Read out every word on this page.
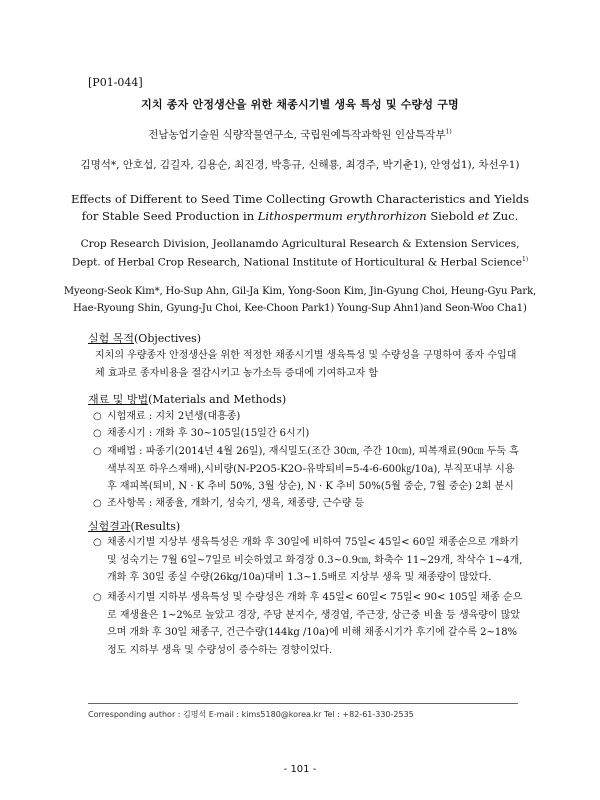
[P01-044]
지치 종자 안정생산을 위한 채종시기별 생육 특성 및 수량성 구명
전남농업기술원 식량작물연구소, 국립원예특작과학원 인삼특작부$^{1)}$
김명석*, 안호섭, 김길자, 김용순, 최진경, 박흥규, 신해룡, 최경주, 박기춘1), 안영섭1), 차선우1)
Effects of Different to Seed Time Collecting Growth Characteristics and Yields
for Stable Seed Production in Lithospermum erythrorhizon Siebold et Zuc.
Crop Research Division, Jeollanamdo Agricultural Research & Extension Services,
Dept. of Herbal Crop Research, National Institute of Horticultural & Herbal Science$^{1)}$
Myeong-Seok Kim*, Ho-Sup Ahn, Gil-Ja Kim, Yong-Soon Kim, Jin-Gyung Choi, Heung-Gyu Park,
Hae-Ryoung Shin, Gyung-Ju Choi, Kee-Choon Park1) Young-Sup Ahn1)and Seon-Woo Cha1)
실험 목적(Objectives)
지치의 우량종자 안정생산을 위한 적정한 채종시기별 생육특성 및 수량성을 구명하여 종자 수입대체 효과로 종자비용을 절감시키고 농가소득 증대에 기여하고자 함
재료 및 방법(Materials and Methods)
○ 시험재료 : 지치 2년생(대흥종)
○ 채종시기 : 개화 후 30~105일(15일간 6시기)
○ 재배법 : 파종기(2014년 4월 26일), 재식밀도(조간 30㎝, 주간 10㎝), 피복재료(90㎝ 두둑 흑색부직포 하우스재배),시비량(N-P2O5-K2O-유박퇴비=5-4-6-600㎏/10a), 부직포내부 시용후 재피복(퇴비, N · K 추비 50%, 3월 상순), N · K 추비 50%(5월 중순, 7월 중순) 2회 분시
○ 조사항목 : 채종율, 개화기, 성숙기, 생육, 채종량, 근수량 등
실험결과(Results)
○ 채종시기별 지상부 생육특성은 개화 후 30일에 비하여 75일< 45일< 60일 채종순으로 개화기 및 성숙기는 7월 6일~7일로 비슷하였고 화경장 0.3~0.9㎝, 화축수 11~29개, 착삭수 1~4개, 개화 후 30일 종실 수량(26kg/10a)대비 1.3~1.5배로 지상부 생육 및 채종량이 많았다.
○ 채종시기별 지하부 생육특성 및 수량성은 개화 후 45일< 60일< 75일< 90< 105일 채종 순으로 재생율은 1~2%로 높았고 경장, 주당 분지수, 생경엽, 주근장, 상근중 비율 등 생육량이 많았으며 개화 후 30일 채종구, 건근수량(144kg /10a)에 비해 채종시기가 후기에 갈수록 2~18%정도 지하부 생육 및 수량성이 증수하는 경향이었다.
Corresponding author : 김명석 E-mail : kims5180@korea.kr Tel : +82-61-330-2535
- 101 -
